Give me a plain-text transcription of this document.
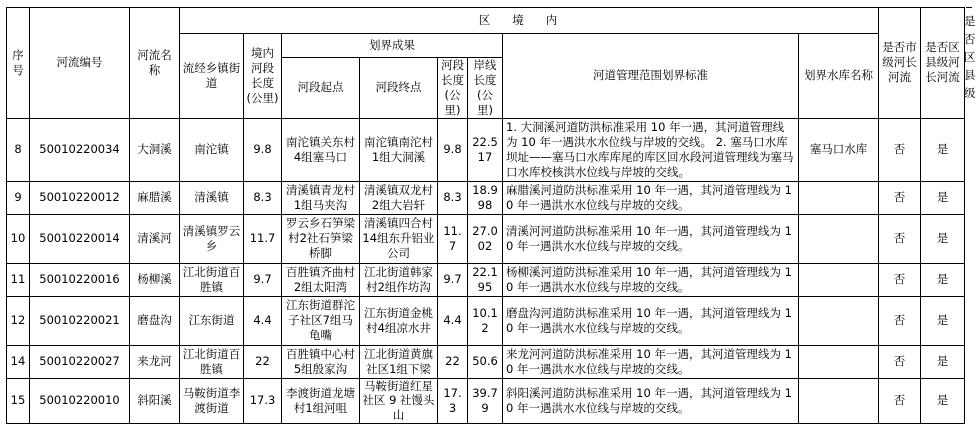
序号	河流编号	河流名称	区境内								是否市级河长河流	是否区县级河长河流
			流经乡镇街道	境内河段长度(公里)	划界成果				河道管理范围划界标准	划界水库名称		
					河段起点	河段终点	河段长度(公里)	岸线长度(公里)				
8	50010220034	大洞溪	南沱镇	9.8	南沱镇关东村4组塞马口	南沱镇南沱村1组大洞溪	9.8	22.517	1. 大洞溪河道防洪标准采用 10 年一遇，其河道管理线为 10 年一遇洪水水位线与岸坡的交线。 2. 塞马口水库坝址——塞马口水库库尾的库区回水段河道管理线为塞马口水库校核洪水位线与岸坡的交线。	塞马口水库	否	是
9	50010220012	麻腊溪	清溪镇	8.3	清溪镇青龙村1组马夹沟	清溪镇双龙村2组大岩轩	8.3	18.998	麻腊溪河道防洪标准采用 10 年一遇，其河道管理线为 10 年一遇洪水水位线与岸坡的交线。		否	是
10	50010220014	清溪河	清溪镇罗云乡	11.7	罗云乡石笋梁村2社石笋梁桥脚	清溪镇四合村14组东升铝业公司	11.7	27.002	清溪河河道防洪标准采用 10 年一遇，其河道管理线为 10 年一遇洪水水位线与岸坡的交线。		否	是
11	50010220016	杨柳溪	江北街道百胜镇	9.7	百胜镇齐曲村2组太阳湾	江北街道韩家村2组作坊沟	9.7	22.195	杨柳溪河道防洪标准采用 10 年一遇，其河道管理线为 10 年一遇洪水水位线与岸坡的交线。		否	是
12	50010220021	磨盘沟	江东街道	4.4	江东街道群沱子社区7组马龟嘴	江东街道金桃村4组凉水井	4.4	10.12	磨盘沟河道防洪标准采用 10 年一遇，其河道管理线为 10 年一遇洪水水位线与岸坡的交线。		否	是
14	50010220027	来龙河	江北街道百胜镇	22	百胜镇中心村5组殷家沟	江北街道黄旗社区1组下梁	22	50.6	来龙河河道防洪标准采用 10 年一遇，其河道管理线为 10 年一遇洪水水位线与岸坡的交线。		否	是
15	50010220010	斜阳溪	马鞍街道李渡街道	17.3	李渡街道龙塘村1组河咀	马鞍街道红星社区 9 社馒头山	17.3	39.79	斜阳溪河道防洪标准采用 10 年一遇，其河道管理线为 10 年一遇洪水水位线与岸坡的交线。		否	是
是否区县级
